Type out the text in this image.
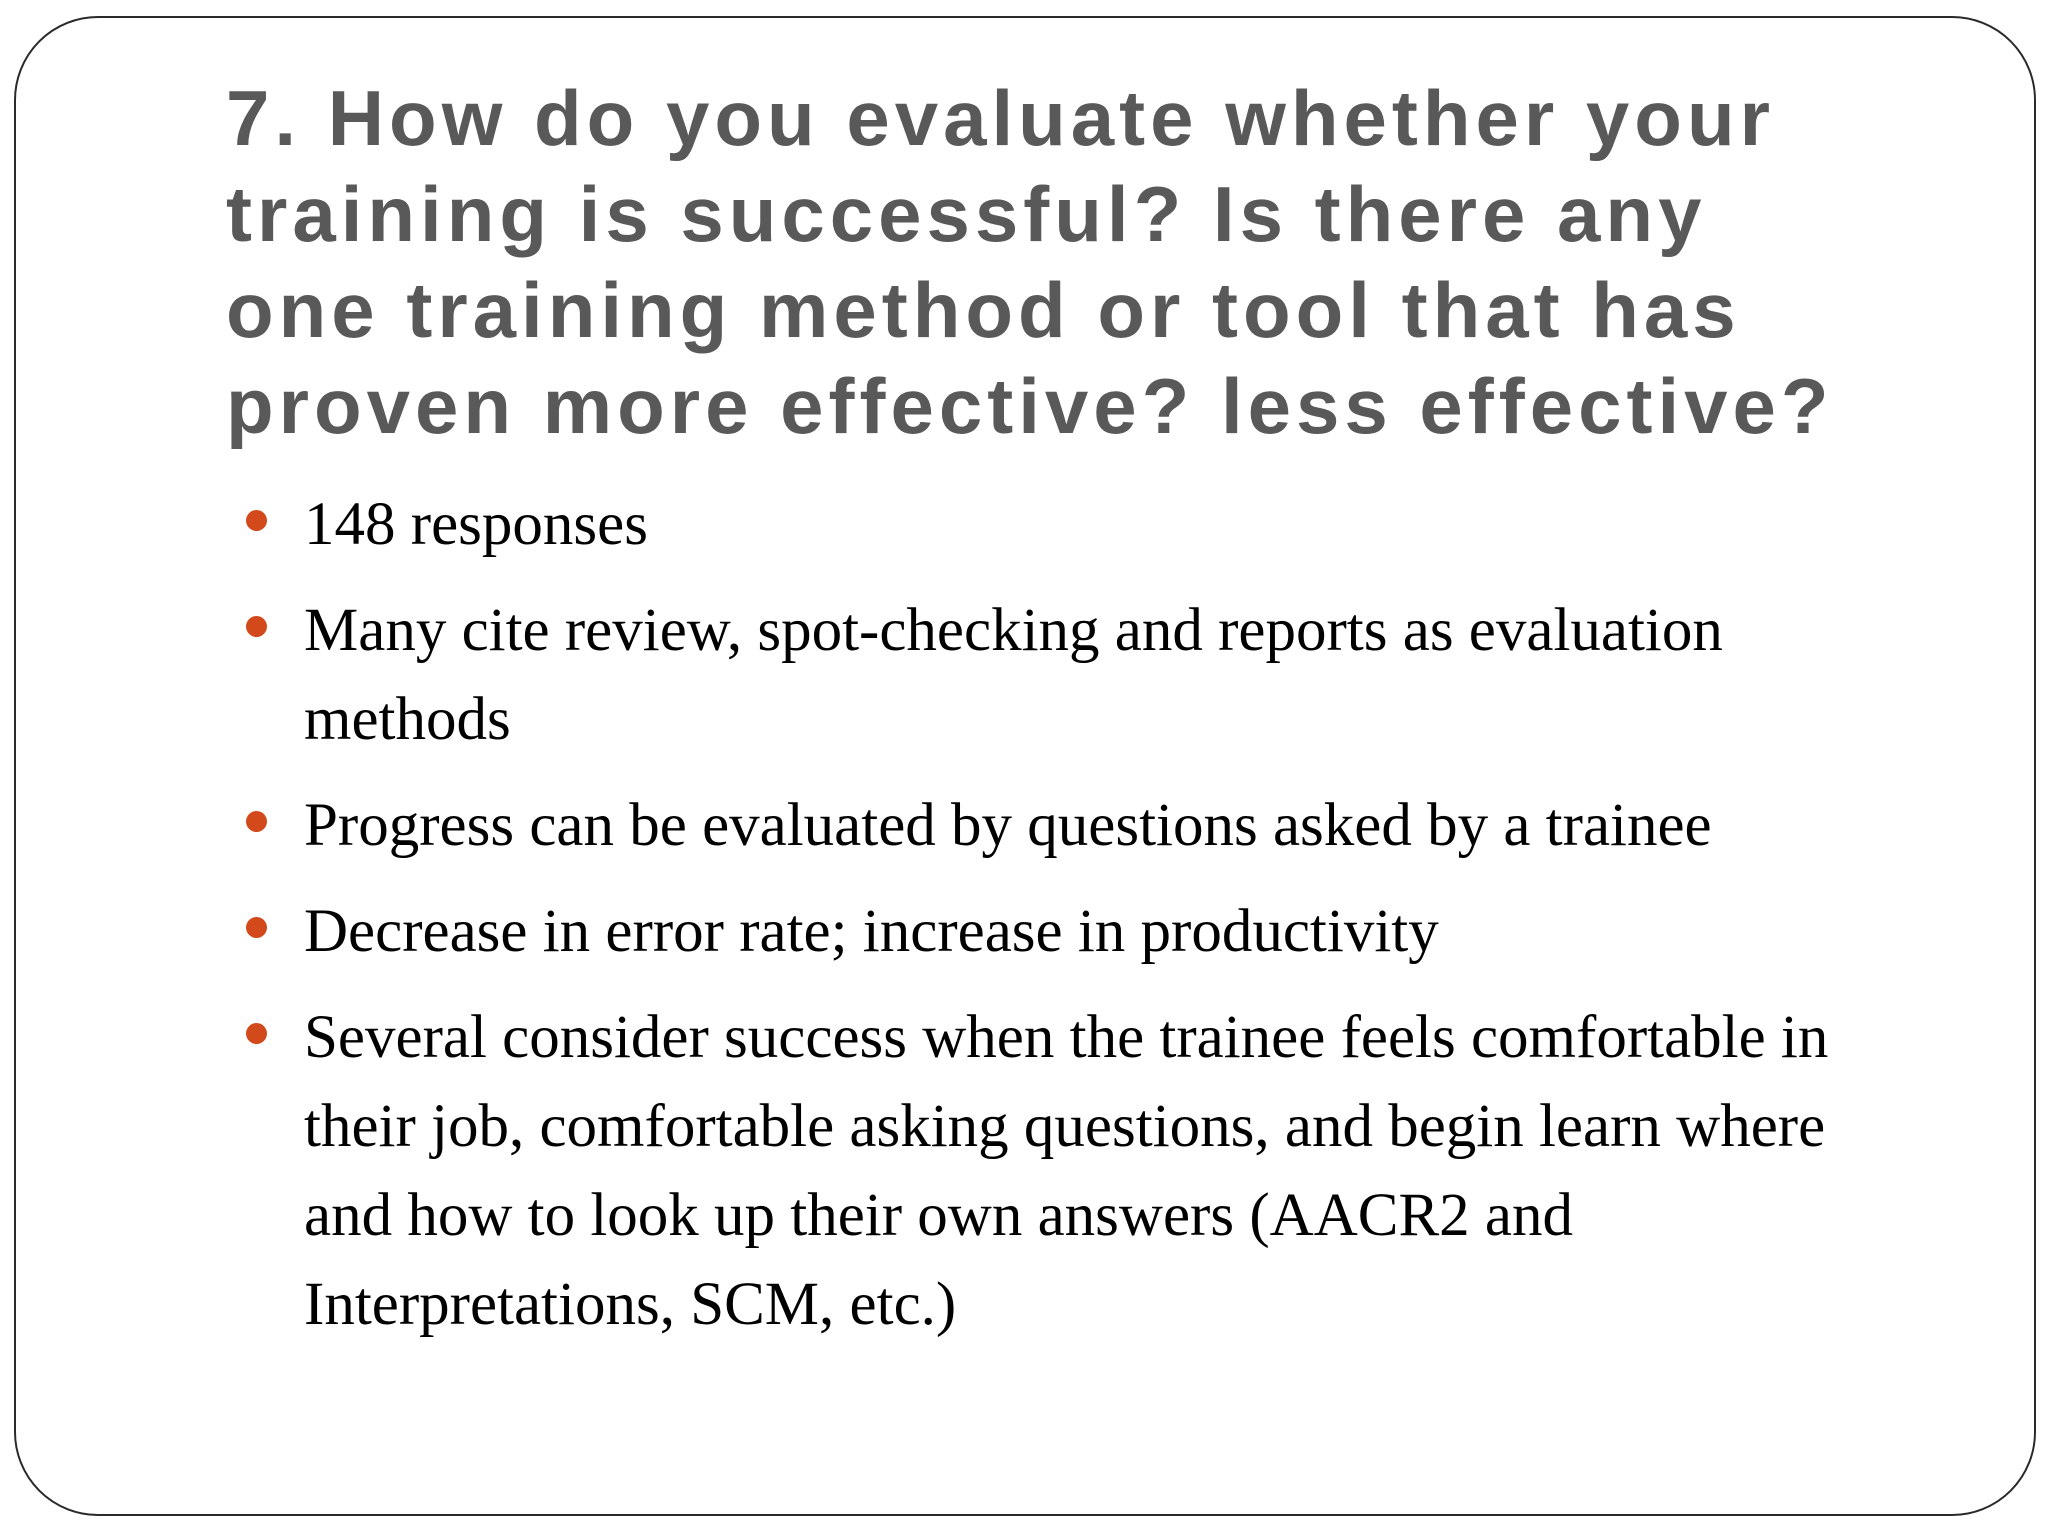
7. How do you evaluate whether your training is successful? Is there any one training method or tool that has proven more effective? less effective?
148 responses
Many cite review, spot-checking and reports as evaluation methods
Progress can be evaluated by questions asked by a trainee
Decrease in error rate; increase in productivity
Several consider success when the trainee feels comfortable in their job, comfortable asking questions, and begin learn where and how to look up their own answers (AACR2 and Interpretations, SCM, etc.)
